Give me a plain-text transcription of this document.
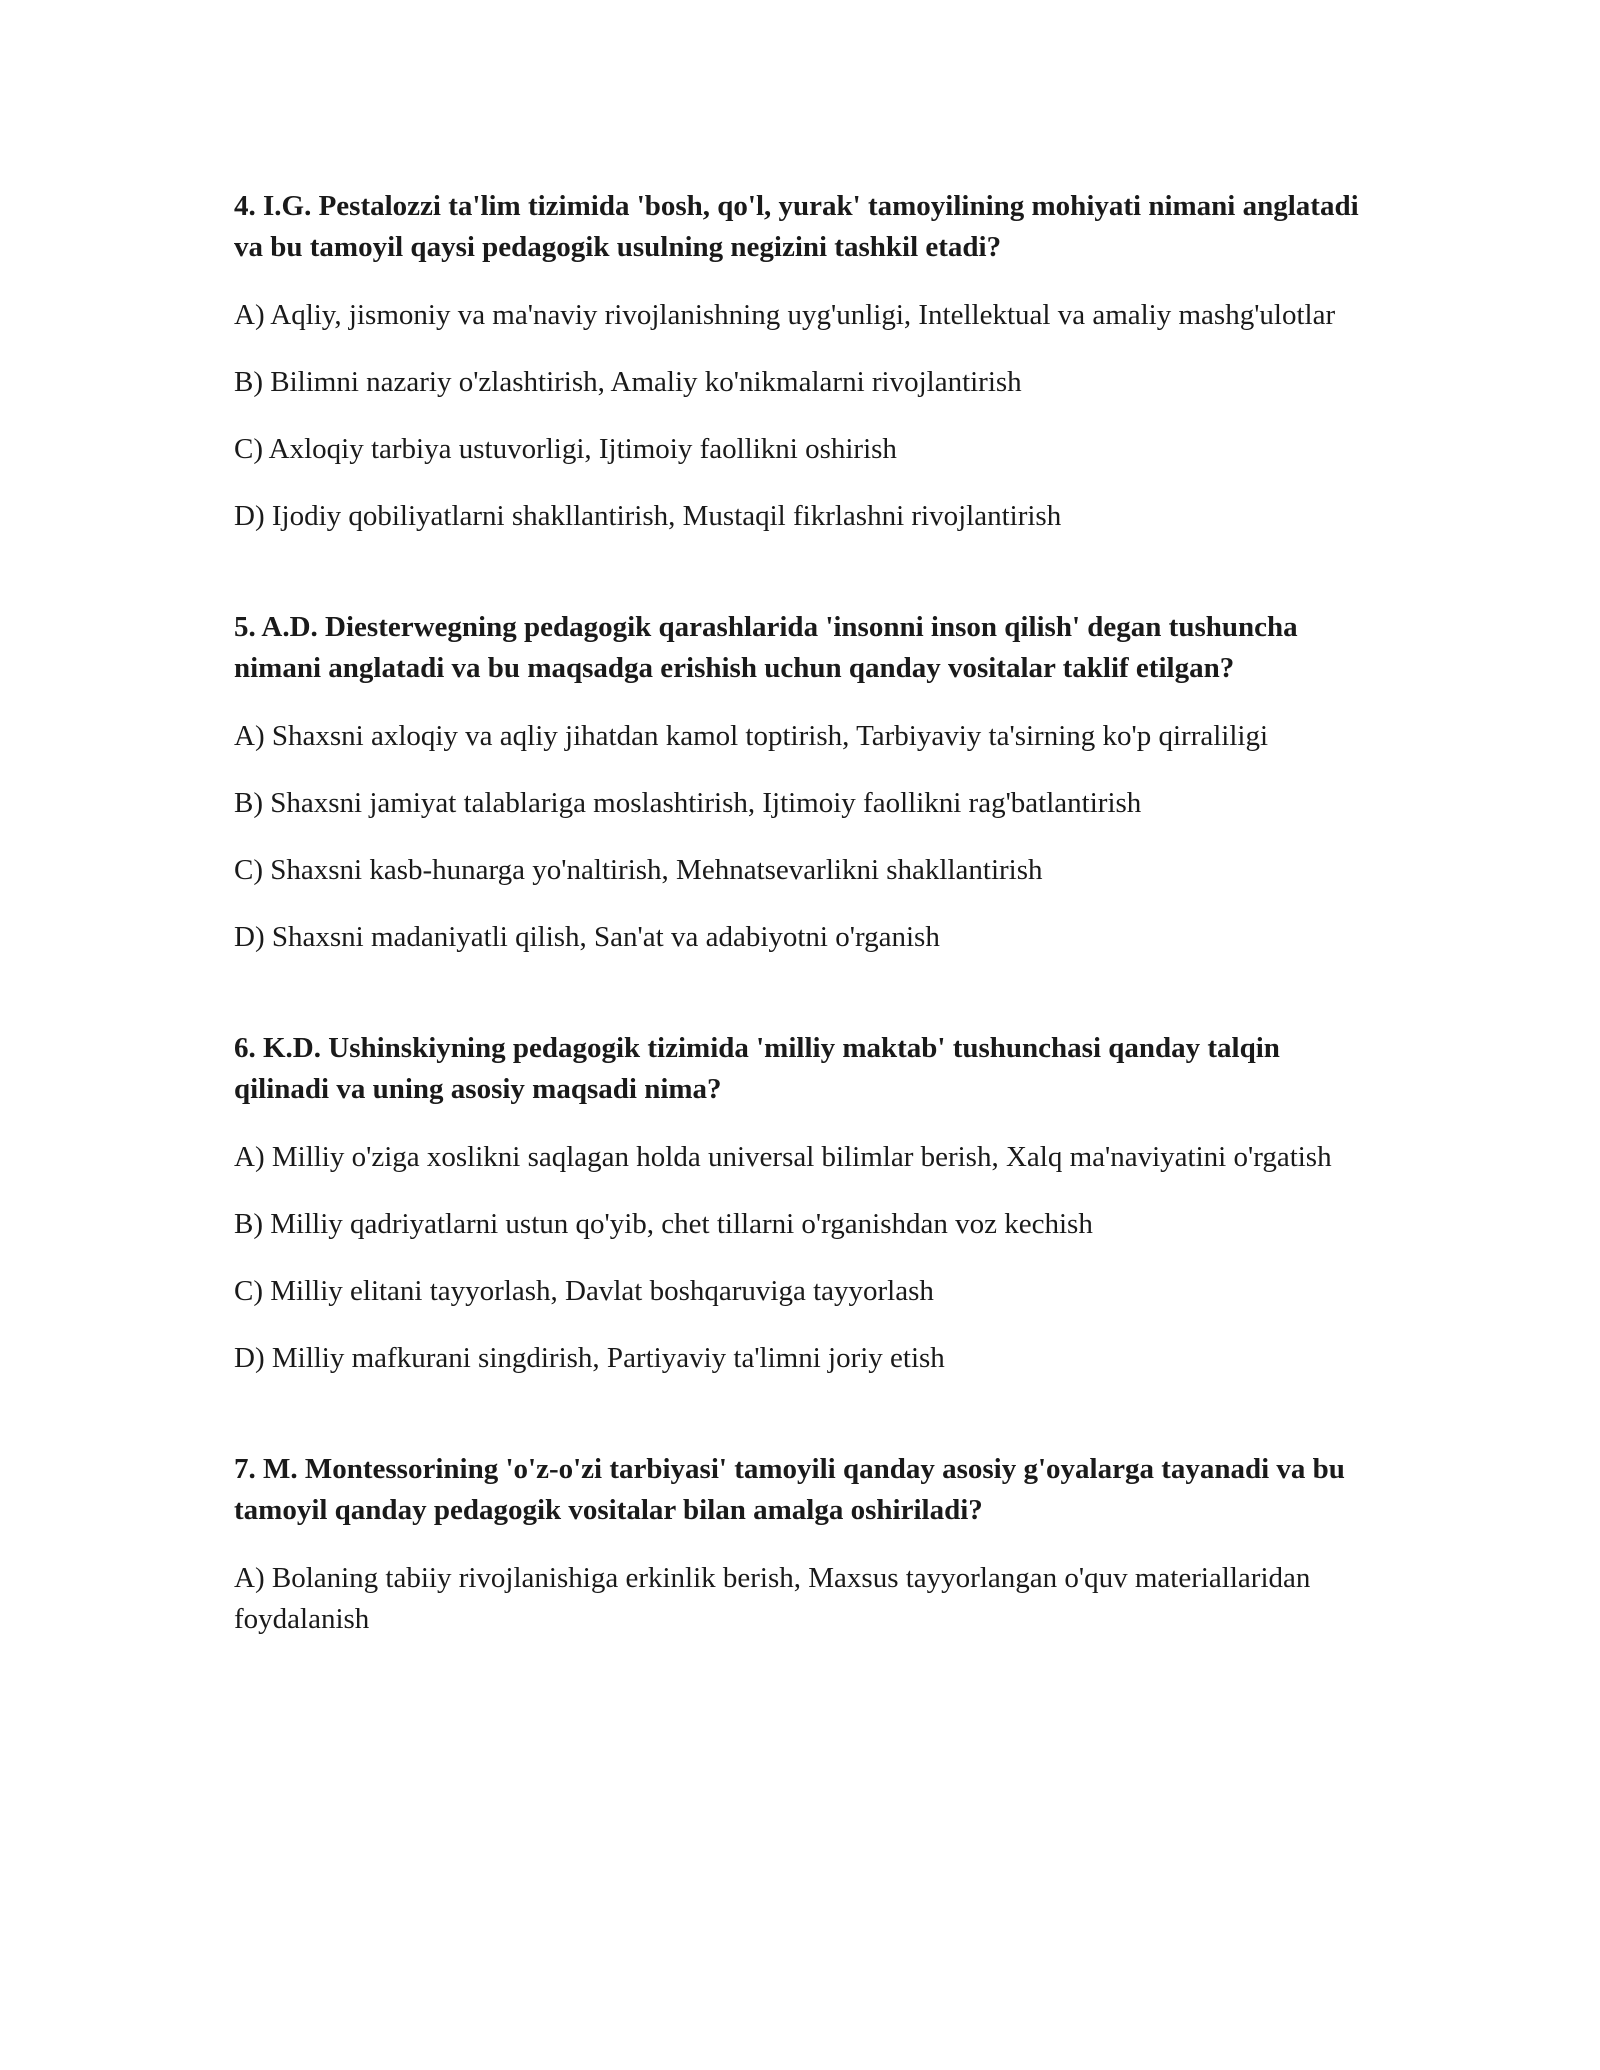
4. I.G. Pestalozzi ta'lim tizimida 'bosh, qo'l, yurak' tamoyilining mohiyati nimani anglatadi va bu tamoyil qaysi pedagogik usulning negizini tashkil etadi?
A) Aqliy, jismoniy va ma'naviy rivojlanishning uyg'unligi, Intellektual va amaliy mashg'ulotlar
B) Bilimni nazariy o'zlashtirish, Amaliy ko'nikmalarni rivojlantirish
C) Axloqiy tarbiya ustuvorligi, Ijtimoiy faollikni oshirish
D) Ijodiy qobiliyatlarni shakllantirish, Mustaqil fikrlashni rivojlantirish
5. A.D. Diesterwegning pedagogik qarashlarida 'insonni inson qilish' degan tushuncha nimani anglatadi va bu maqsadga erishish uchun qanday vositalar taklif etilgan?
A) Shaxsni axloqiy va aqliy jihatdan kamol toptirish, Tarbiyaviy ta'sirning ko'p qirraliligi
B) Shaxsni jamiyat talablariga moslashtirish, Ijtimoiy faollikni rag'batlantirish
C) Shaxsni kasb-hunarga yo'naltirish, Mehnatsevarlikni shakllantirish
D) Shaxsni madaniyatli qilish, San'at va adabiyotni o'rganish
6. K.D. Ushinskiyning pedagogik tizimida 'milliy maktab' tushunchasi qanday talqin qilinadi va uning asosiy maqsadi nima?
A) Milliy o'ziga xoslikni saqlagan holda universal bilimlar berish, Xalq ma'naviyatini o'rgatish
B) Milliy qadriyatlarni ustun qo'yib, chet tillarni o'rganishdan voz kechish
C) Milliy elitani tayyorlash, Davlat boshqaruviga tayyorlash
D) Milliy mafkurani singdirish, Partiyaviy ta'limni joriy etish
7. M. Montessorining 'o'z-o'zi tarbiyasi' tamoyili qanday asosiy g'oyalarga tayanadi va bu tamoyil qanday pedagogik vositalar bilan amalga oshiriladi?
A) Bolaning tabiiy rivojlanishiga erkinlik berish, Maxsus tayyorlangan o'quv materiallaridan foydalanish
